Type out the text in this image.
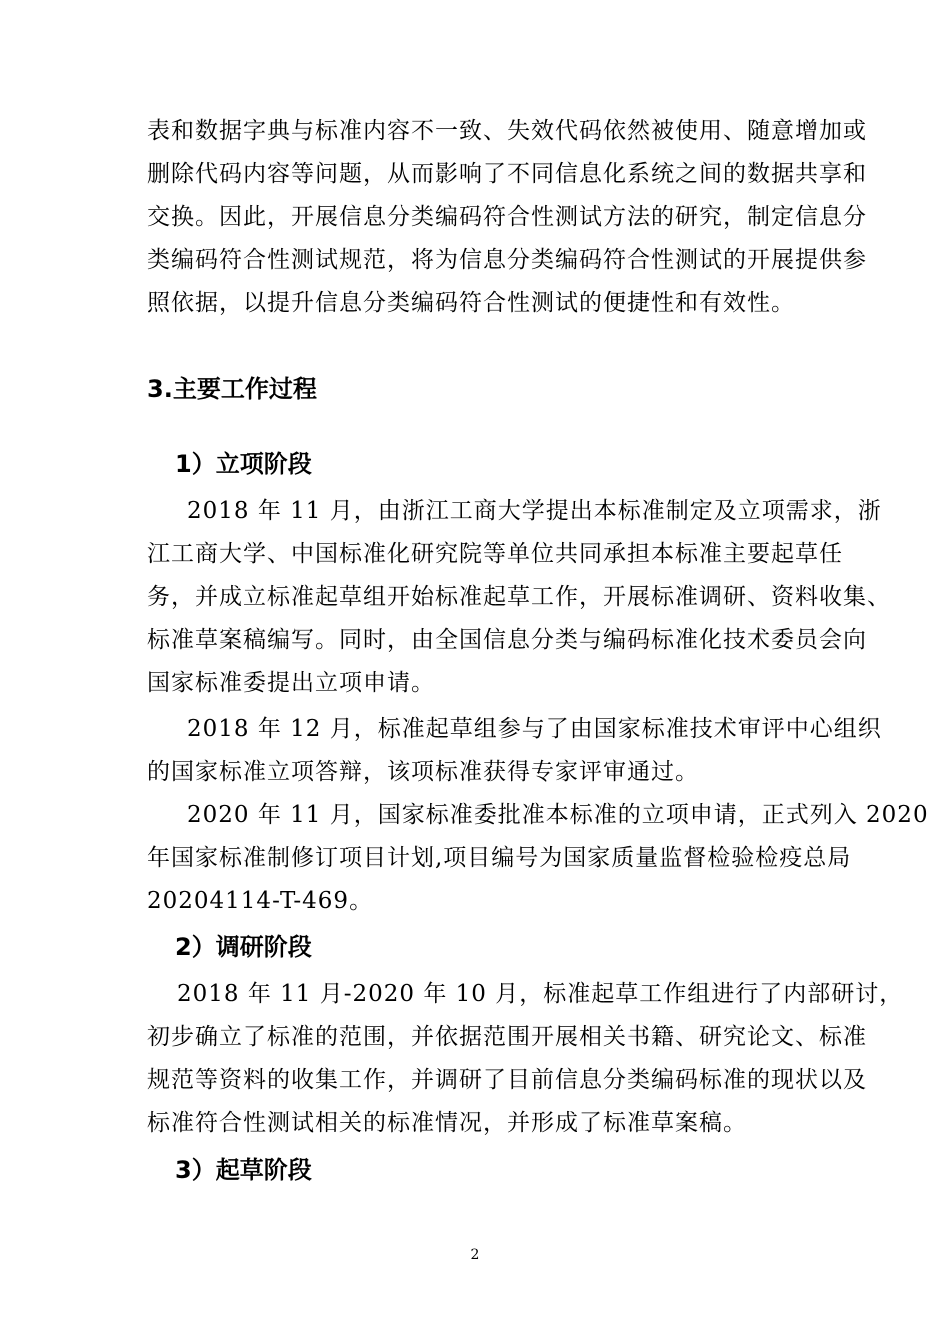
表和数据字典与标准内容不一致、失效代码依然被使用、随意增加或
删除代码内容等问题，从而影响了不同信息化系统之间的数据共享和
交换。因此，开展信息分类编码符合性测试方法的研究，制定信息分
类编码符合性测试规范，将为信息分类编码符合性测试的开展提供参
照依据，以提升信息分类编码符合性测试的便捷性和有效性。
3.主要工作过程
1）立项阶段
2018 年 11 月，由浙江工商大学提出本标准制定及立项需求，浙
江工商大学、中国标准化研究院等单位共同承担本标准主要起草任
务，并成立标准起草组开始标准起草工作，开展标准调研、资料收集、
标准草案稿编写。同时，由全国信息分类与编码标准化技术委员会向
国家标准委提出立项申请。
2018 年 12 月，标准起草组参与了由国家标准技术审评中心组织
的国家标准立项答辩，该项标准获得专家评审通过。
2020 年 11 月，国家标准委批准本标准的立项申请，正式列入 2020
年国家标准制修订项目计划,项目编号为国家质量监督检验检疫总局
20204114-T-469。
2）调研阶段
2018 年 11 月-2020 年 10 月，标准起草工作组进行了内部研讨，
初步确立了标准的范围，并依据范围开展相关书籍、研究论文、标准
规范等资料的收集工作，并调研了目前信息分类编码标准的现状以及
标准符合性测试相关的标准情况，并形成了标准草案稿。
3）起草阶段
2
